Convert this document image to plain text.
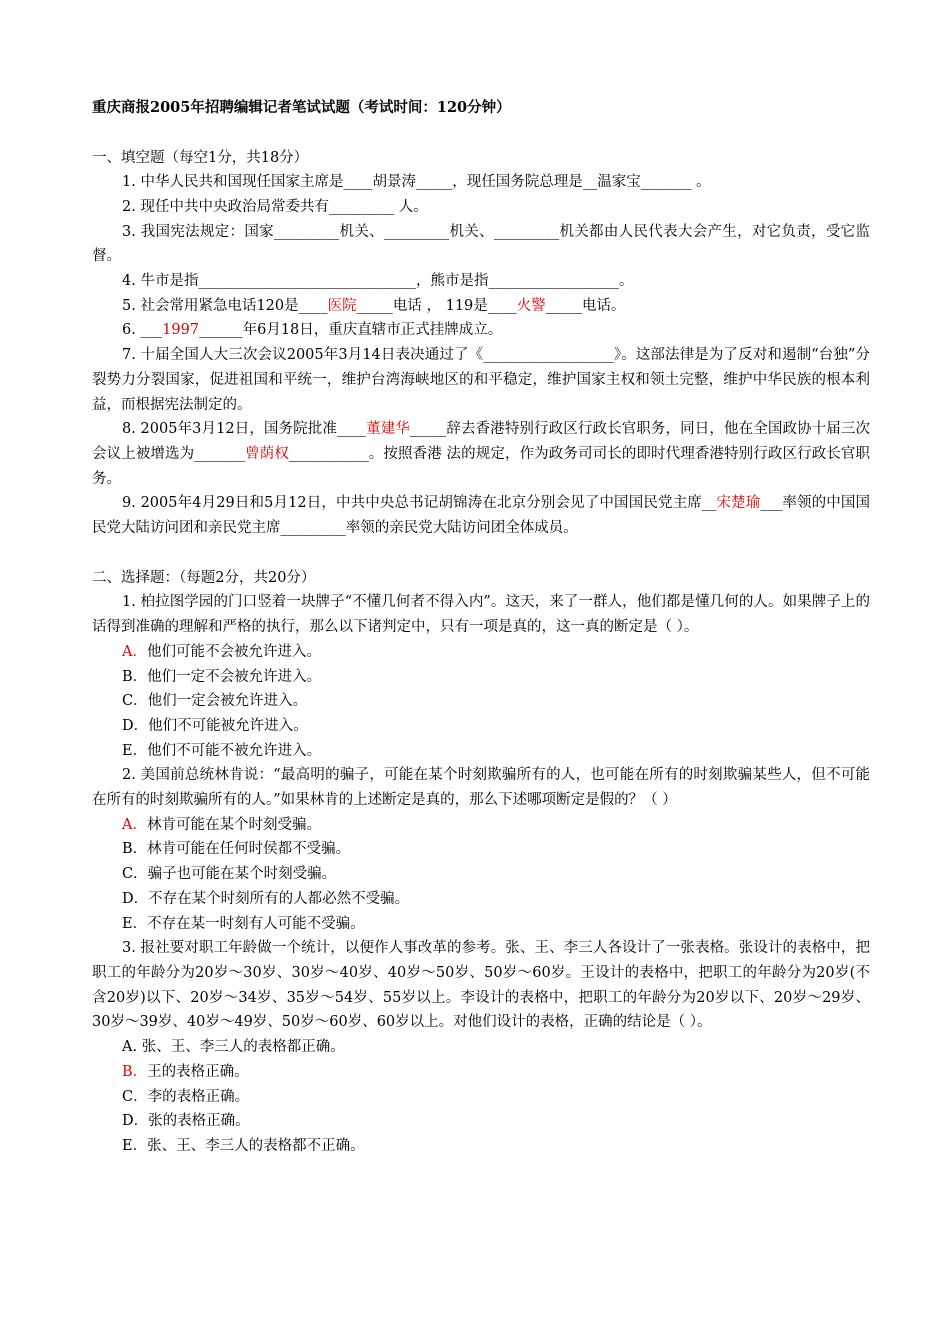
重庆商报2005年招聘编辑记者笔试试题（考试时间：120分钟）

一、填空题（每空1分，共18分）

1. 中华人民共和国现任国家主席是____胡景涛_____，现任国务院总理是__温家宝_______ 。

2. 现任中共中央政治局常委共有_________ 人。

3. 我国宪法规定：国家_________机关、_________机关、_________机关都由人民代表大会产生，对它负责，受它监督。

4. 牛市是指______________________________，熊市是指__________________。

5. 社会常用紧急电话120是____医院_____电话 ， 119是____火警_____电话。

6. ___1997______年6月18日，重庆直辖市正式挂牌成立。

7. 十届全国人大三次会议2005年3月14日表决通过了《__________________》。这部法律是为了反对和遏制“台独”分裂势力分裂国家，促进祖国和平统一，维护台湾海峡地区的和平稳定，维护国家主权和领土完整，维护中华民族的根本利益，而根据宪法制定的。

8. 2005年3月12日，国务院批准____董建华_____辞去香港特别行政区行政长官职务，同日，他在全国政协十届三次会议上被增选为_______曾荫权___________。按照香港 法的规定，作为政务司司长的即时代理香港特别行政区行政长官职务。

9. 2005年4月29日和5月12日，中共中央总书记胡锦涛在北京分别会见了中国国民党主席__宋楚瑜___率领的中国国民党大陆访问团和亲民党主席_________率领的亲民党大陆访问团全体成员。

二、选择题：（每题2分，共20分）

1. 柏拉图学园的门口竖着一块牌子“不懂几何者不得入内”。这天，来了一群人，他们都是懂几何的人。如果牌子上的话得到准确的理解和严格的执行，那么以下诸判定中，只有一项是真的，这一真的断定是（ ）。

A．他们可能不会被允许进入。

B．他们一定不会被允许进入。

C．他们一定会被允许进入。

D．他们不可能被允许进入。

E．他们不可能不被允许进入。

2. 美国前总统林肯说：“最高明的骗子，可能在某个时刻欺骗所有的人，也可能在所有的时刻欺骗某些人，但不可能在所有的时刻欺骗所有的人。”如果林肯的上述断定是真的，那么下述哪项断定是假的？（ ）

A．林肯可能在某个时刻受骗。

B．林肯可能在任何时侯都不受骗。

C．骗子也可能在某个时刻受骗。

D．不存在某个时刻所有的人都必然不受骗。

E．不存在某一时刻有人可能不受骗。

3. 报社要对职工年龄做一个统计，以便作人事改革的参考。张、王、李三人各设计了一张表格。张设计的表格中，把职工的年龄分为20岁～30岁、30岁～40岁、40岁～50岁、50岁～60岁。王设计的表格中，把职工的年龄分为20岁(不含20岁)以下、20岁～34岁、35岁～54岁、55岁以上。李设计的表格中，把职工的年龄分为20岁以下、20岁～29岁、30岁～39岁、40岁～49岁、50岁～60岁、60岁以上。对他们设计的表格，正确的结论是（ ）。

A. 张、王、李三人的表格都正确。

B．王的表格正确。

C．李的表格正确。

D．张的表格正确。

E．张、王、李三人的表格都不正确。
